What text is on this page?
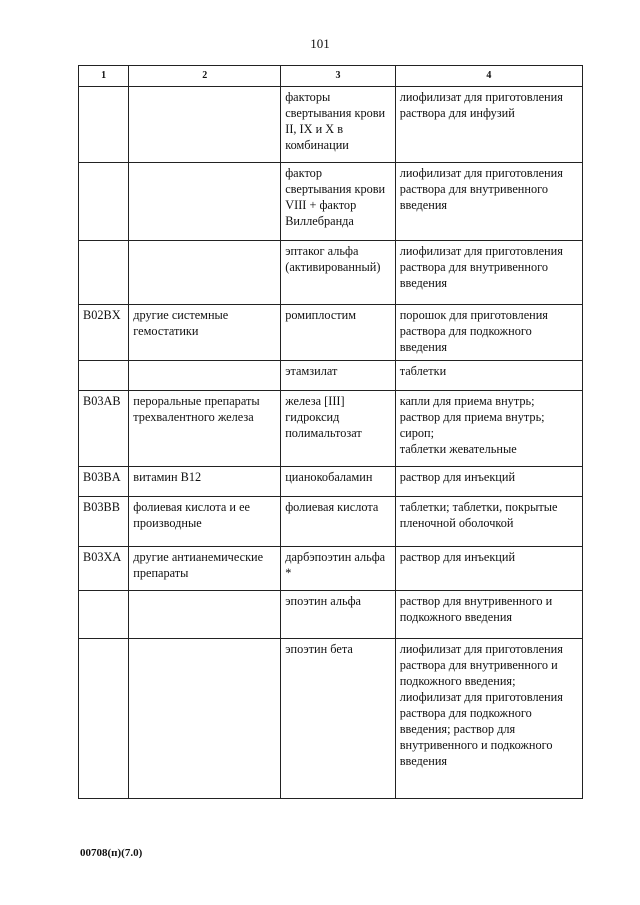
101
1	2	3	4
		факторы свертывания крови II, IX и X в комбинации	лиофилизат для приготовления раствора для инфузий

		фактор свертывания крови VIII + фактор Виллебранда	лиофилизат для приготовления раствора для внутривенного введения

		эптаког альфа (активированный)	лиофилизат для приготовления раствора для внутривенного введения

B02BX	другие системные гемостатики	ромиплостим	порошок для приготовления раствора для подкожного введения

		этамзилат	таблетки

B03AB	пероральные препараты трехвалентного железа	железа [III] гидроксид полимальтозат	капли для приема внутрь;
раствор для приема внутрь;
сироп;
таблетки жевательные

B03BA	витамин B12	цианокобаламин	раствор для инъекций

B03BB	фолиевая кислота и ее производные	фолиевая кислота	таблетки; таблетки, покрытые пленочной оболочкой

B03XA	другие антианемические препараты	дарбэпоэтин альфа *	раствор для инъекций

		эпоэтин альфа	раствор для внутривенного и подкожного введения

		эпоэтин бета	лиофилизат для приготовления раствора для внутривенного и подкожного введения;
лиофилизат для приготовления раствора для подкожного введения; раствор для внутривенного и подкожного введения
00708(п)(7.0)
